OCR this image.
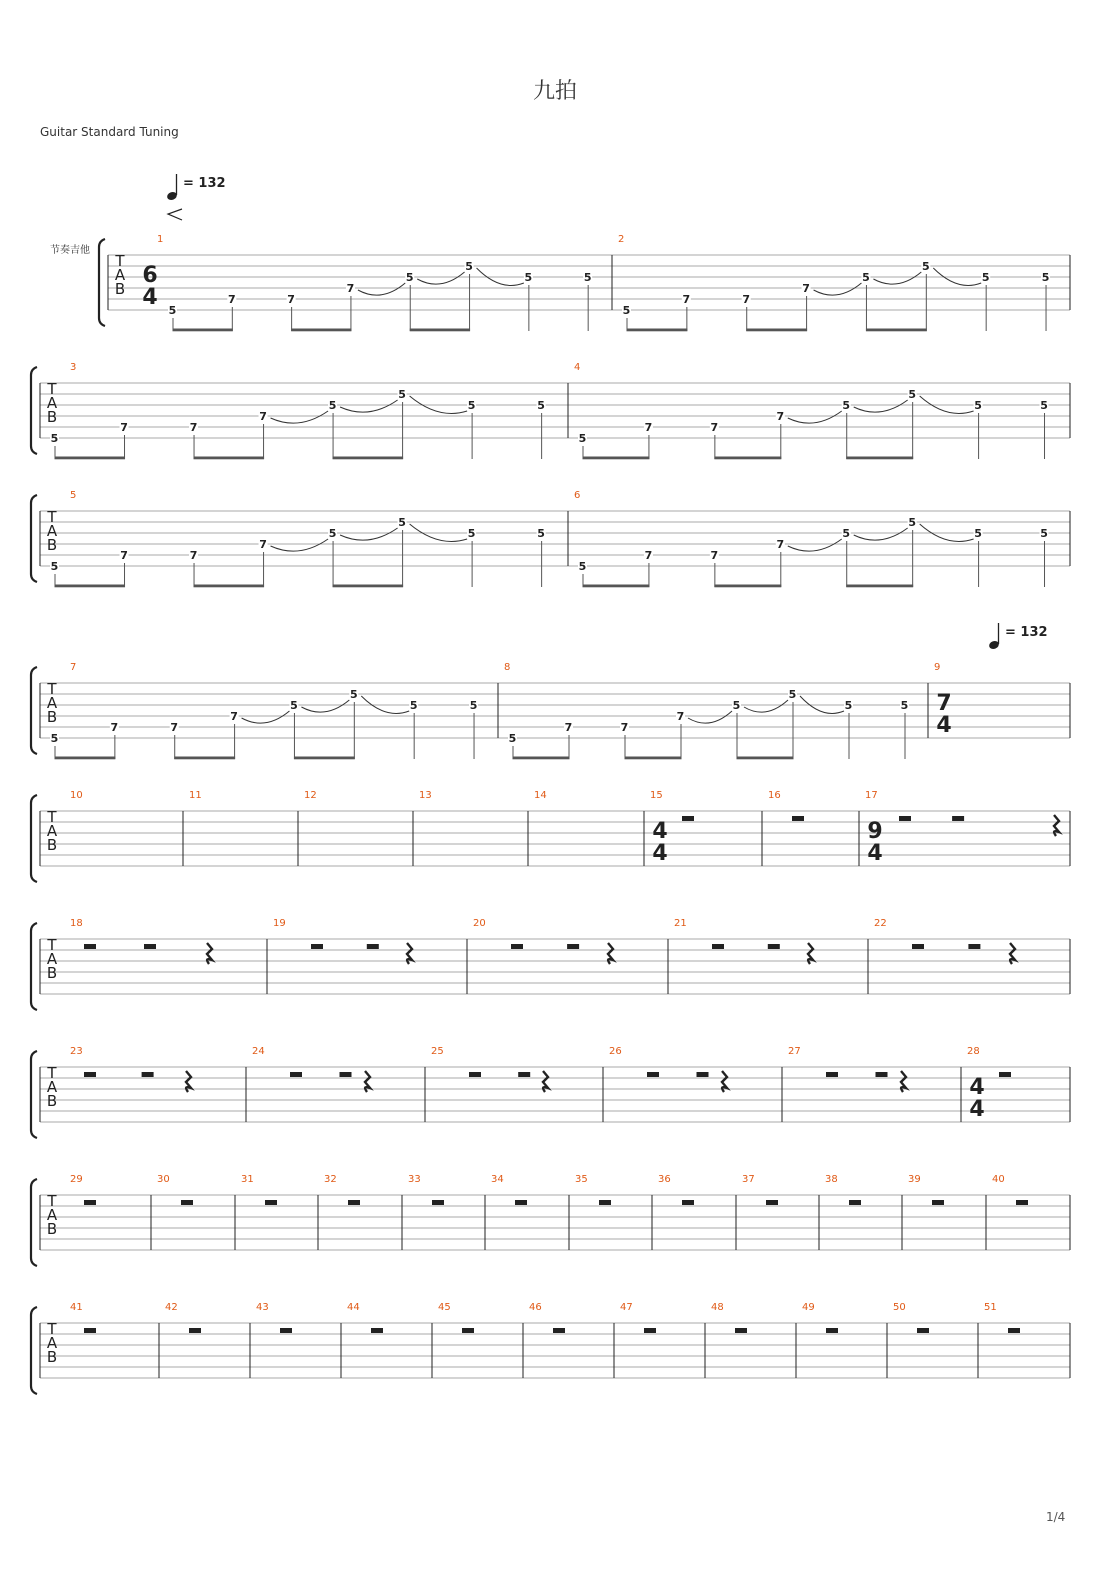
九拍
Guitar Standard Tuning
T
A
B
节奏吉他
= 132
1
6
4
5
7	7
7
5
5
5	5
2
5
7	7
7
5
5
5	5
T
A
B
3
5
7	7
7
5
5
5	5
4
5
7	7
7
5
5
5	5
T
A
B
5
5
7	7
7
5
5
5	5
6
5
7	7
7
5
5
5	5
T
A
B
= 132
7
5
7	7
7
5
5
5	5
8
5
7	7
7
5
5
5	5
9
7
4
T
A
B
10	11	12	13	14	15
4
4
16	17
9
4
T
A
B
18	19	20	21	22
T
A
B
23	24	25	26	27	28
4
4
T
A
B
29	30	31	32	33	34	35	36	37	38	39	40
T
A
B
41	42	43	44	45	46	47	48	49	50	51
1/4
